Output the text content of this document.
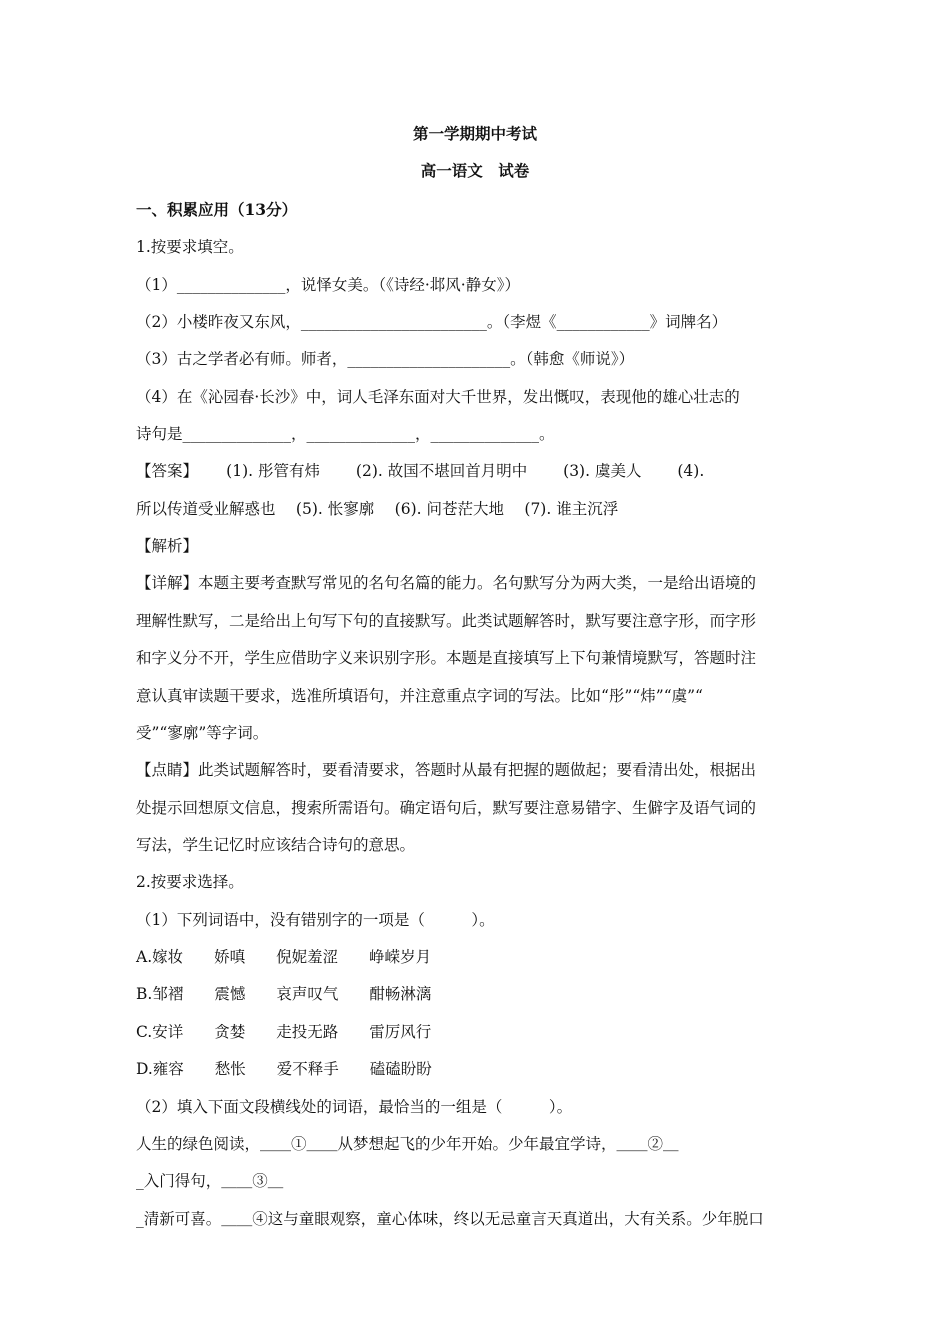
第一学期期中考试
高一语文　试卷
一、积累应用（13分）
1.按要求填空。
（1）______________，说怿女美。（《诗经·邶风·静女》）
（2）小楼昨夜又东风，________________________。（李煜《____________》词牌名）
（3）古之学者必有师。师者，_____________________。（韩愈《师说》）
（4）在《沁园春·长沙》中，词人毛泽东面对大千世界，发出慨叹，表现他的雄心壮志的
诗句是______________，______________，______________。
【答案】　　 (1). 彤管有炜　　 (2). 故国不堪回首月明中　　 (3). 虞美人　　 (4).
所以传道受业解惑也　 (5). 怅寥廓　 (6). 问苍茫大地　 (7). 谁主沉浮
【解析】
【详解】本题主要考查默写常见的名句名篇的能力。名句默写分为两大类，一是给出语境的
理解性默写，二是给出上句写下句的直接默写。此类试题解答时，默写要注意字形，而字形
和字义分不开，学生应借助字义来识别字形。本题是直接填写上下句兼情境默写，答题时注
意认真审读题干要求，选准所填语句，并注意重点字词的写法。比如“彤”“炜”“虞”“
受”“寥廓”等字词。
【点睛】此类试题解答时，要看清要求，答题时从最有把握的题做起；要看清出处，根据出
处提示回想原文信息，搜索所需语句。确定语句后，默写要注意易错字、生僻字及语气词的
写法，学生记忆时应该结合诗句的意思。
2.按要求选择。
（1）下列词语中，没有错别字的一项是（　　　）。
A.嫁妆　　娇嗔　　倪妮羞涩　　峥嵘岁月
B.邹褶　　震憾　　哀声叹气　　酣畅淋漓
C.安详　　贪婪　　走投无路　　雷厉风行
D.雍容　　愁怅　　爱不释手　　磕磕盼盼
（2）填入下面文段横线处的词语，最恰当的一组是（　　　）。
人生的绿色阅读，＿＿①＿＿从梦想起飞的少年开始。少年最宜学诗，＿＿②＿
_入门得句，＿＿③＿
_清新可喜。＿＿④这与童眼观察，童心体味，终以无忌童言天真道出，大有关系。少年脱口
